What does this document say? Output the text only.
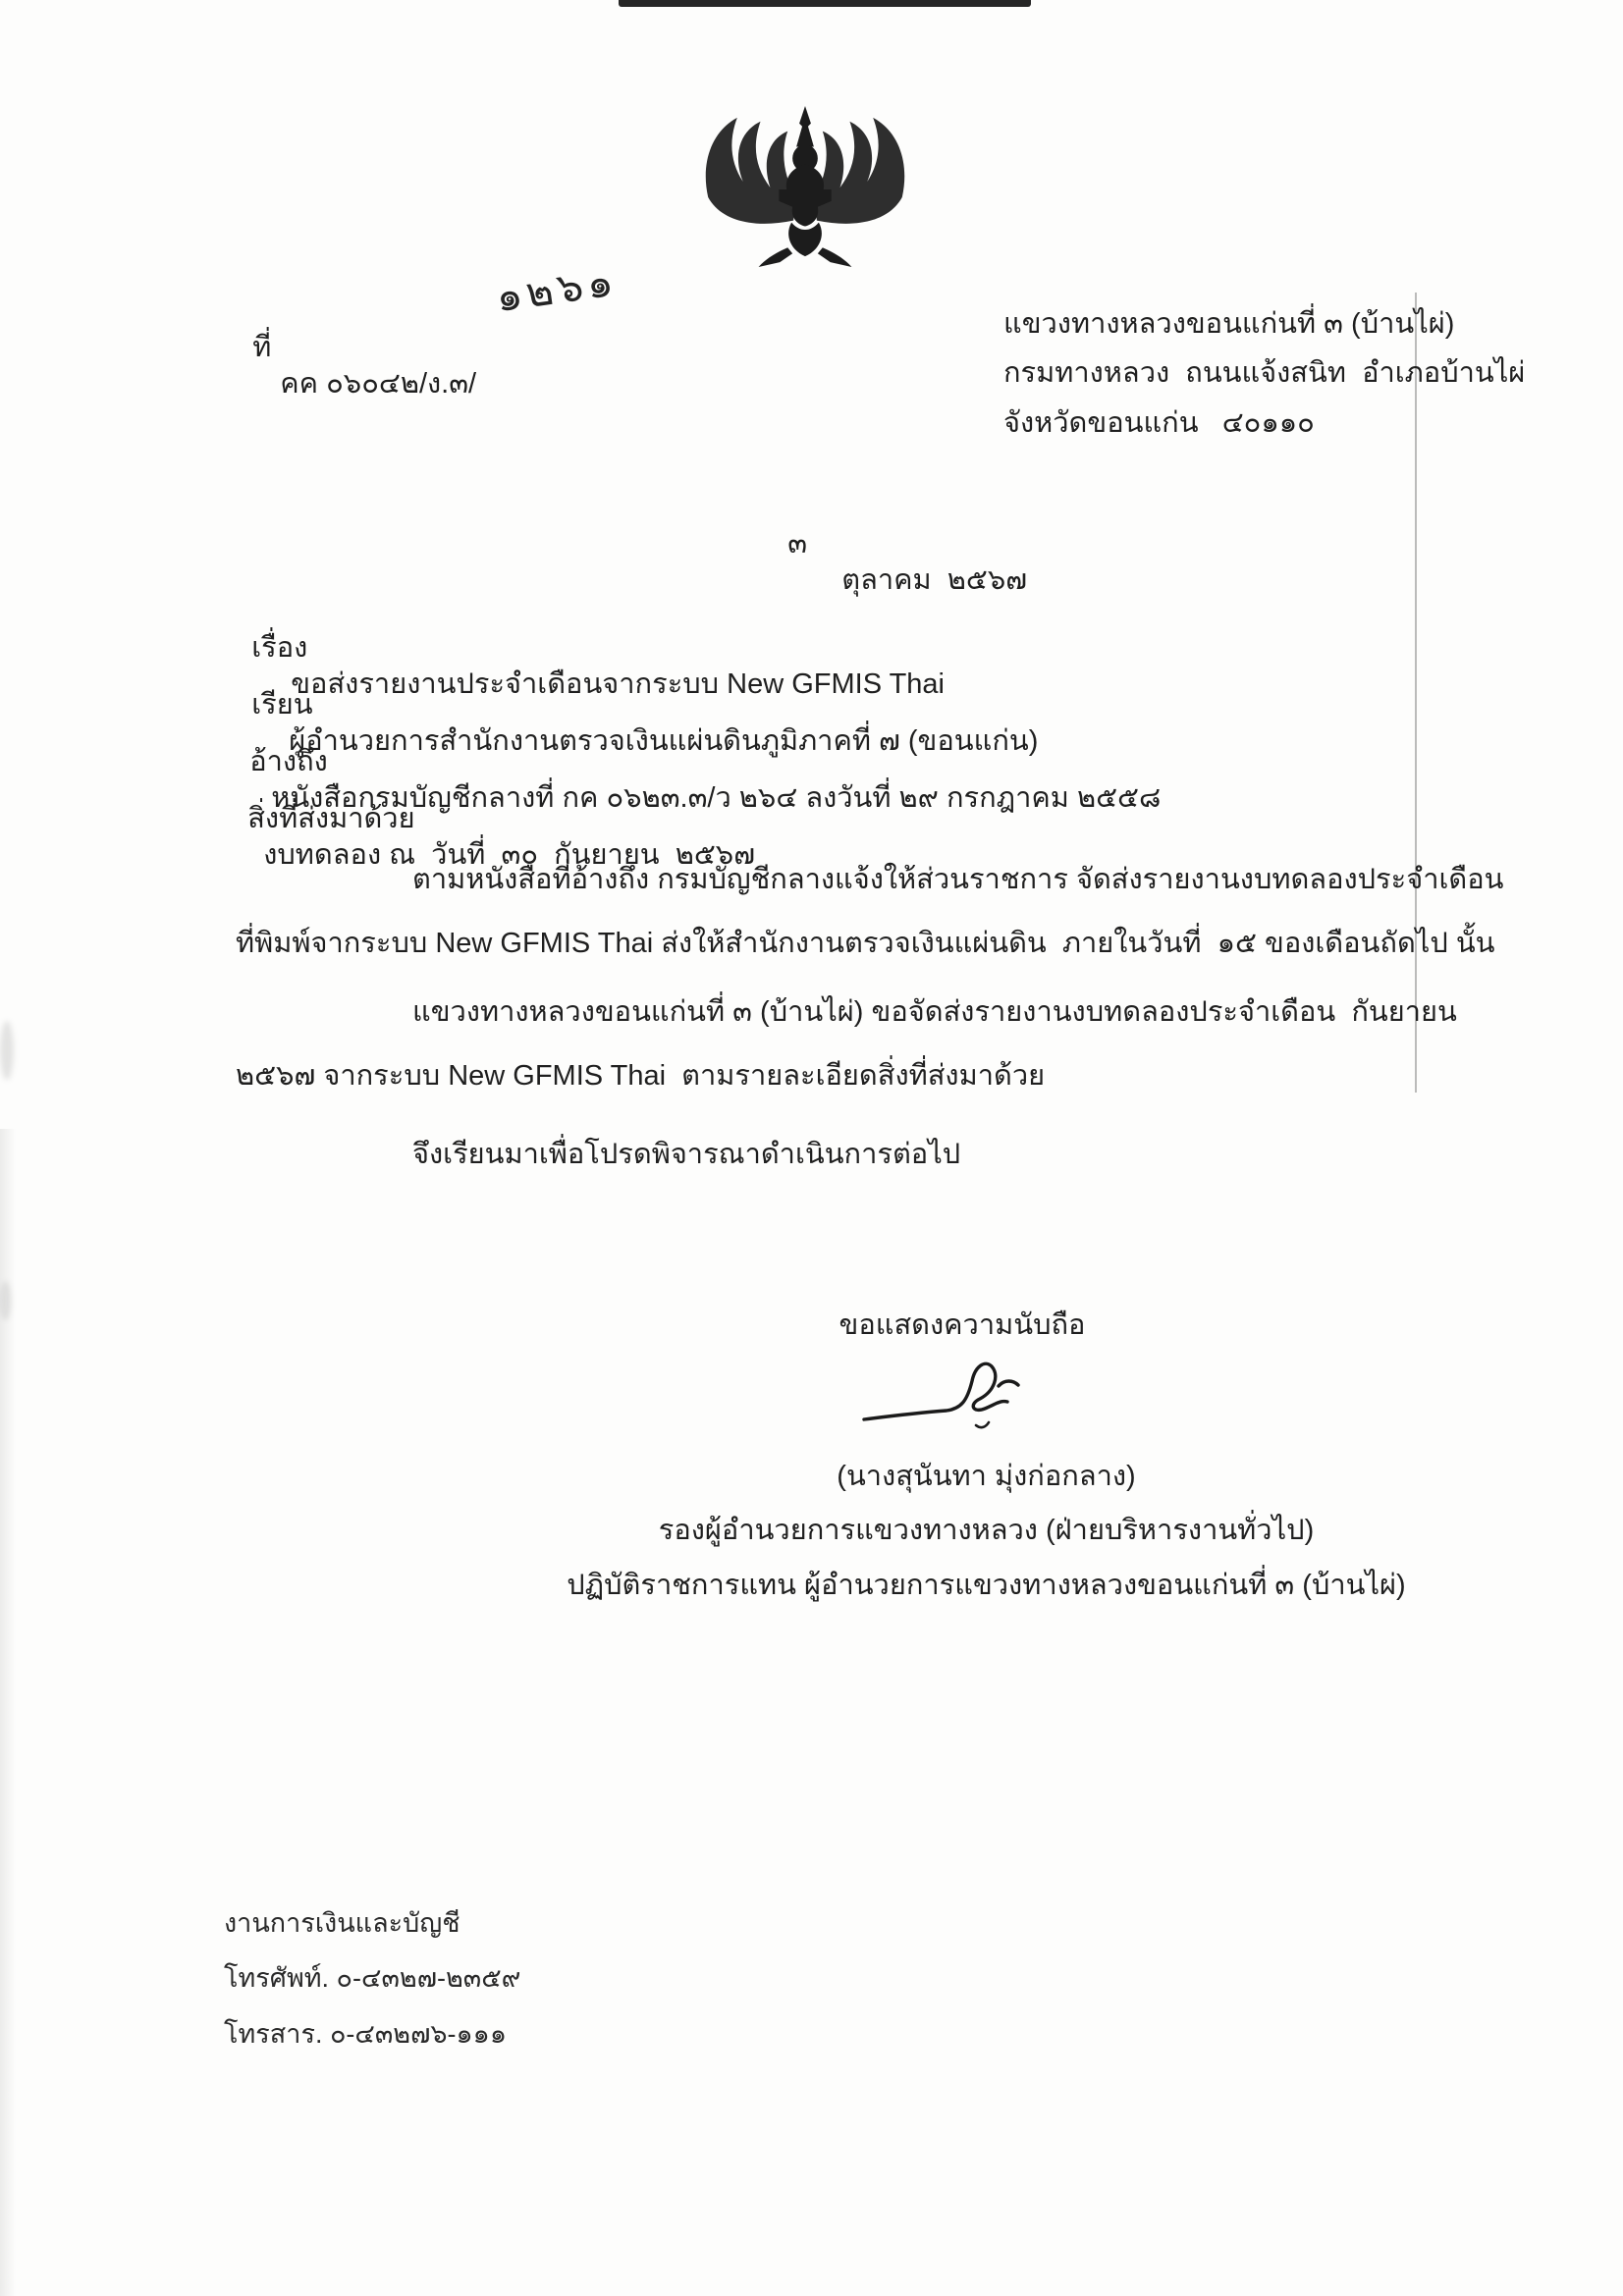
ที่
คค ๐๖๐๔๒/ง.๓/

๑๒๖๑
แขวงทางหลวงขอนแก่นที่ ๓ (บ้านไผ่)
กรมทางหลวง  ถนนแจ้งสนิท  อำเภอบ้านไผ่
จังหวัดขอนแก่น   ๔๐๑๑๐

๓
ตุลาคม  ๒๕๖๗

เรื่อง
ขอส่งรายงานประจำเดือนจากระบบ New GFMIS Thai

เรียน
ผู้อำนวยการสำนักงานตรวจเงินแผ่นดินภูมิภาคที่ ๗ (ขอนแก่น)

อ้างถึง
หนังสือกรมบัญชีกลางที่ กค ๐๖๒๓.๓/ว ๒๖๔ ลงวันที่ ๒๙ กรกฎาคม ๒๕๕๘

สิ่งที่ส่งมาด้วย
งบทดลอง ณ  วันที่  ๓๐  กันยายน  ๒๕๖๗

ตามหนังสือที่อ้างถึง กรมบัญชีกลางแจ้งให้ส่วนราชการ จัดส่งรายงานงบทดลองประจำเดือน
ที่พิมพ์จากระบบ New GFMIS Thai ส่งให้สำนักงานตรวจเงินแผ่นดิน  ภายในวันที่  ๑๕ ของเดือนถัดไป นั้น
แขวงทางหลวงขอนแก่นที่ ๓ (บ้านไผ่) ขอจัดส่งรายงานงบทดลองประจำเดือน  กันยายน
๒๕๖๗ จากระบบ New GFMIS Thai  ตามรายละเอียดสิ่งที่ส่งมาด้วย
จึงเรียนมาเพื่อโปรดพิจารณาดำเนินการต่อไป
ขอแสดงความนับถือ
(นางสุนันทา มุ่งก่อกลาง)
รองผู้อำนวยการแขวงทางหลวง (ฝ่ายบริหารงานทั่วไป)
ปฏิบัติราชการแทน ผู้อำนวยการแขวงทางหลวงขอนแก่นที่ ๓ (บ้านไผ่)
งานการเงินและบัญชี
โทรศัพท์. ๐-๔๓๒๗-๒๓๕๙
โทรสาร. ๐-๔๓๒๗๖-๑๑๑
